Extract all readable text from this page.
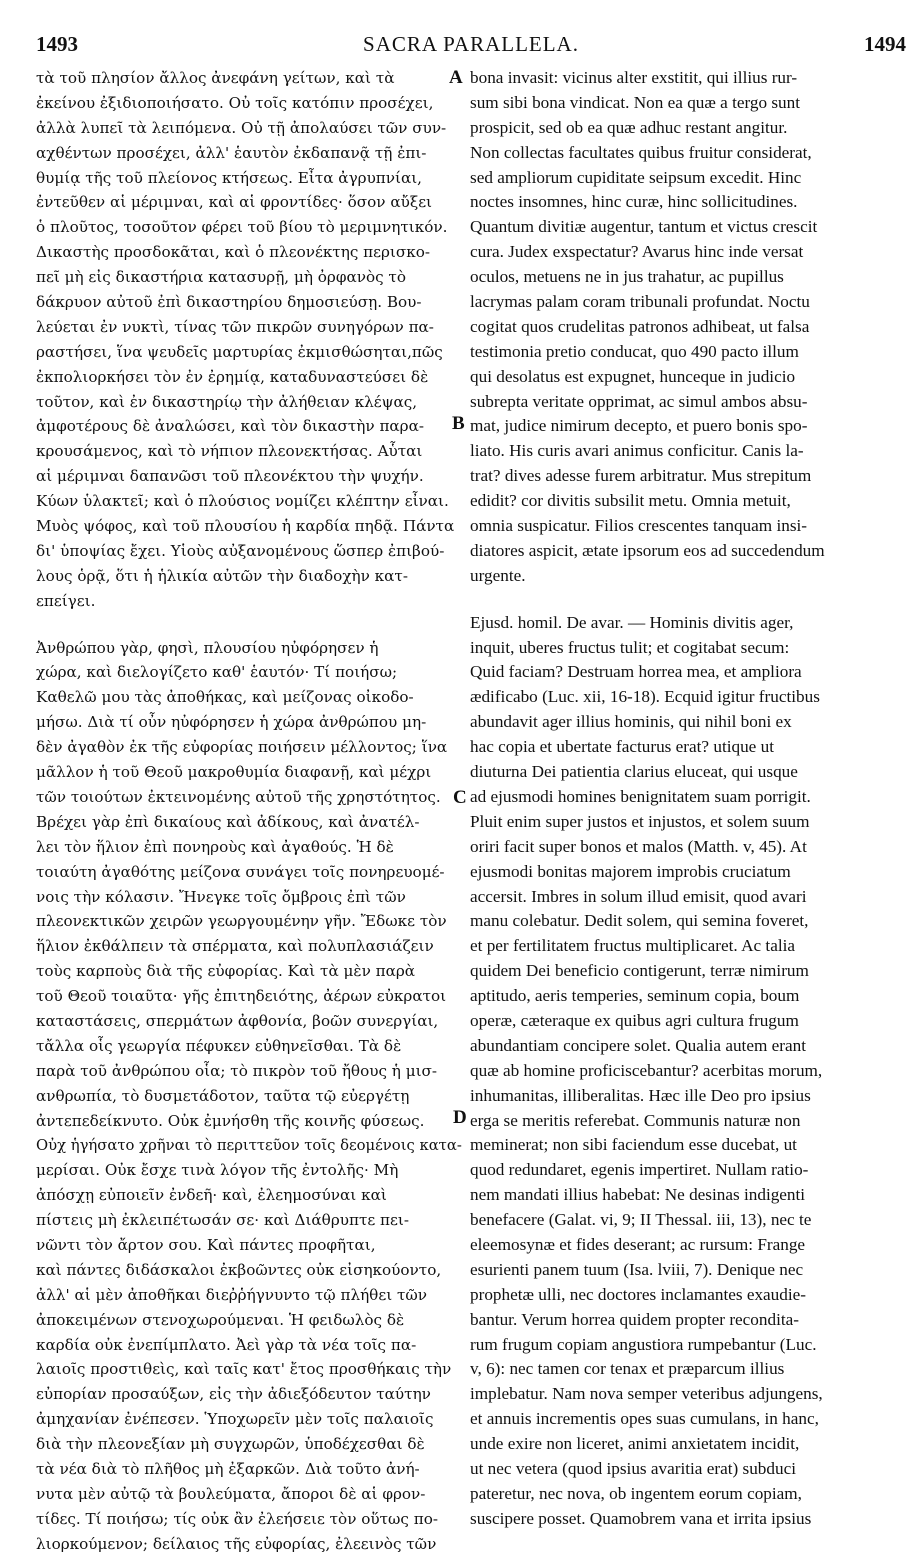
1493	SACRA PARALLELA.	1494
τὰ τοῦ πλησίον ἄλλος ἀνεφάνη γείτων, καὶ τὰ
ἐκείνου ἐξιδιοποιήσατο. Οὐ τοῖς κατόπιν προσέχει,
ἀλλὰ λυπεῖ τὰ λειπόμενα. Οὐ τῇ ἀπολαύσει τῶν συν-
αχθέντων προσέχει, ἀλλ' ἑαυτὸν ἐκδαπανᾷ τῇ ἐπι-
θυμίᾳ τῆς τοῦ πλείονος κτήσεως. Εἶτα ἀγρυπνίαι,
ἐντεῦθεν αἱ μέριμναι, καὶ αἱ φροντίδες· ὅσον αὔξει
ὁ πλοῦτος, τοσοῦτον φέρει τοῦ βίου τὸ μεριμνητικόν.
Δικαστὴς προσδοκᾶται, καὶ ὁ πλεονέκτης περισκο-
πεῖ μὴ εἰς δικαστήρια κατασυρῇ, μὴ ὀρφανὸς τὸ
δάκρυον αὐτοῦ ἐπὶ δικαστηρίου δημοσιεύσῃ. Βου-
λεύεται ἐν νυκτὶ, τίνας τῶν πικρῶν συνηγόρων πα-
ραστήσει, ἵνα ψευδεῖς μαρτυρίας ἐκμισθώσηται,πῶς
ἐκπολιορκήσει τὸν ἐν ἐρημίᾳ, καταδυναστεύσει δὲ
τοῦτον, καὶ ἐν δικαστηρίῳ τὴν ἀλήθειαν κλέψας,
ἀμφοτέρους δὲ ἀναλώσει, καὶ τὸν δικαστὴν παρα-
κρουσάμενος, καὶ τὸ νήπιον πλεονεκτήσας. Αὗται
αἱ μέριμναι δαπανῶσι τοῦ πλεονέκτου τὴν ψυχήν.
Κύων ὑλακτεῖ; καὶ ὁ πλούσιος νομίζει κλέπτην εἶναι.
Μυὸς ψόφος, καὶ τοῦ πλουσίου ἡ καρδία πηδᾷ. Πάντα
δι' ὑποψίας ἔχει. Υἱοὺς αὐξανομένους ὥσπερ ἐπιβού-
λους ὁρᾷ, ὅτι ἡ ἡλικία αὐτῶν τὴν διαδοχὴν κατ-
επείγει.
Ἀνθρώπου γὰρ, φησὶ, πλουσίου ηὐφόρησεν ἡ
χώρα, καὶ διελογίζετο καθ' ἑαυτόν· Τί ποιήσω;
Καθελῶ μου τὰς ἀποθήκας, καὶ μείζονας οἰκοδο-
μήσω. Διὰ τί οὖν ηὐφόρησεν ἡ χώρα ἀνθρώπου μη-
δὲν ἀγαθὸν ἐκ τῆς εὐφορίας ποιήσειν μέλλοντος; ἵνα
μᾶλλον ἡ τοῦ Θεοῦ μακροθυμία διαφανῇ, καὶ μέχρι
τῶν τοιούτων ἐκτεινομένης αὐτοῦ τῆς χρηστότητος.
Βρέχει γὰρ ἐπὶ δικαίους καὶ ἀδίκους, καὶ ἀνατέλ-
λει τὸν ἥλιον ἐπὶ πονηροὺς καὶ ἀγαθούς. Ἡ δὲ
τοιαύτη ἀγαθότης μείζονα συνάγει τοῖς πονηρευομέ-
νοις τὴν κόλασιν. Ἤνεγκε τοῖς ὄμβροις ἐπὶ τῶν
πλεονεκτικῶν χειρῶν γεωργουμένην γῆν. Ἔδωκε τὸν
ἥλιον ἐκθάλπειν τὰ σπέρματα, καὶ πολυπλασιάζειν
τοὺς καρποὺς διὰ τῆς εὐφορίας. Καὶ τὰ μὲν παρὰ
τοῦ Θεοῦ τοιαῦτα· γῆς ἐπιτηδειότης, ἀέρων εὐκρατοι
καταστάσεις, σπερμάτων ἀφθονία, βοῶν συνεργίαι,
τἄλλα οἷς γεωργία πέφυκεν εὐθηνεῖσθαι. Τὰ δὲ
παρὰ τοῦ ἀνθρώπου οἷα; τὸ πικρὸν τοῦ ἤθους ἡ μισ-
ανθρωπία, τὸ δυσμετάδοτον, ταῦτα τῷ εὐεργέτῃ
ἀντεπεδείκνυτο. Οὐκ ἐμνήσθη τῆς κοινῆς φύσεως.
Οὐχ ἡγήσατο χρῆναι τὸ περιττεῦον τοῖς δεομένοις κατα-
μερίσαι. Οὐκ ἔσχε τινὰ λόγον τῆς ἐντολῆς· Μὴ
ἀπόσχῃ εὐποιεῖν ἐνδεῆ· καὶ, ἐλεημοσύναι καὶ
πίστεις μὴ ἐκλειπέτωσάν σε· καὶ Διάθρυπτε πει-
νῶντι τὸν ἄρτον σου. Καὶ πάντες προφῆται,
καὶ πάντες διδάσκαλοι ἐκβοῶντες οὐκ εἰσηκούοντο,
ἀλλ' αἱ μὲν ἀποθῆκαι διεῤῥήγνυντο τῷ πλήθει τῶν
ἀποκειμένων στενοχωρούμεναι. Ἡ φειδωλὸς δὲ
καρδία οὐκ ἐνεπίμπλατο. Ἀεὶ γὰρ τὰ νέα τοῖς πα-
λαιοῖς προστιθεὶς, καὶ ταῖς κατ' ἔτος προσθήκαις τὴν
εὐπορίαν προσαύξων, εἰς τὴν ἀδιεξόδευτον ταύτην
ἀμηχανίαν ἐνέπεσεν. Ὑποχωρεῖν μὲν τοῖς παλαιοῖς
διὰ τὴν πλεονεξίαν μὴ συγχωρῶν, ὑποδέχεσθαι δὲ
τὰ νέα διὰ τὸ πλῆθος μὴ ἐξαρκῶν. Διὰ τοῦτο ἀνή-
νυτα μὲν αὐτῷ τὰ βουλεύματα, ἄποροι δὲ αἱ φρον-
τίδες. Τί ποιήσω; τίς οὐκ ἂν ἐλεήσειε τὸν οὕτως πο-
λιορκούμενον; δείλαιος τῆς εὐφορίας, ἐλεεινὸς τῶν
bona invasit: vicinus alter exstitit, qui illius rur-
sum sibi bona vindicat. Non ea quæ a tergo sunt
prospicit, sed ob ea quæ adhuc restant angitur.
Non collectas facultates quibus fruitur considerat,
sed ampliorum cupiditate seipsum excedit. Hinc
noctes insomnes, hinc curæ, hinc sollicitudines.
Quantum divitiæ augentur, tantum et victus crescit
cura. Judex exspectatur? Avarus hinc inde versat
oculos, metuens ne in jus trahatur, ac pupillus
lacrymas palam coram tribunali profundat. Noctu
cogitat quos crudelitas patronos adhibeat, ut falsa
testimonia pretio conducat, quo 490 pacto illum
qui desolatus est expugnet, hunceque in judicio
subrepta veritate opprimat, ac simul ambos absu-
mat, judice nimirum decepto, et puero bonis spo-
liato. His curis avari animus conficitur. Canis la-
trat? dives adesse furem arbitratur. Mus strepitum
edidit? cor divitis subsilit metu. Omnia metuit,
omnia suspicatur. Filios crescentes tanquam insi-
diatores aspicit, ætate ipsorum eos ad succedendum
urgente.
Ejusd. homil. De avar. — Hominis divitis ager,
inquit, uberes fructus tulit; et cogitabat secum:
Quid faciam? Destruam horrea mea, et ampliora
ædificabo (Luc. xii, 16-18). Ecquid igitur fructibus
abundavit ager illius hominis, qui nihil boni ex
hac copia et ubertate facturus erat? utique ut
diuturna Dei patientia clarius eluceat, qui usque
ad ejusmodi homines benignitatem suam porrigit.
Pluit enim super justos et injustos, et solem suum
oriri facit super bonos et malos (Matth. v, 45). At
ejusmodi bonitas majorem improbis cruciatum
accersit. Imbres in solum illud emisit, quod avari
manu colebatur. Dedit solem, qui semina foveret,
et per fertilitatem fructus multiplicaret. Ac talia
quidem Dei beneficio contigerunt, terræ nimirum
aptitudo, aeris temperies, seminum copia, boum
operæ, cæteraque ex quibus agri cultura frugum
abundantiam concipere solet. Qualia autem erant
quæ ab homine proficiscebantur? acerbitas morum,
inhumanitas, illiberalitas. Hæc ille Deo pro ipsius
erga se meritis referebat. Communis naturæ non
meminerat; non sibi faciendum esse ducebat, ut
quod redundaret, egenis impertiret. Nullam ratio-
nem mandati illius habebat: Ne desinas indigenti
benefacere (Galat. vi, 9; II Thessal. iii, 13), nec te
eleemosynæ et fides deserant; ac rursum: Frange
esurienti panem tuum (Isa. lviii, 7). Denique nec
prophetæ ulli, nec doctores inclamantes exaudie-
bantur. Verum horrea quidem propter recondita-
rum frugum copiam angustiora rumpebantur (Luc.
v, 6): nec tamen cor tenax et præparcum illius
implebatur. Nam nova semper veteribus adjungens,
et annuis incrementis opes suas cumulans, in hanc,
unde exire non liceret, animi anxietatem incidit,
ut nec vetera (quod ipsius avaritia erat) subduci
pateretur, nec nova, ob ingentem eorum copiam,
suscipere posset. Quamobrem vana et irrita ipsius
A
B
C
D
